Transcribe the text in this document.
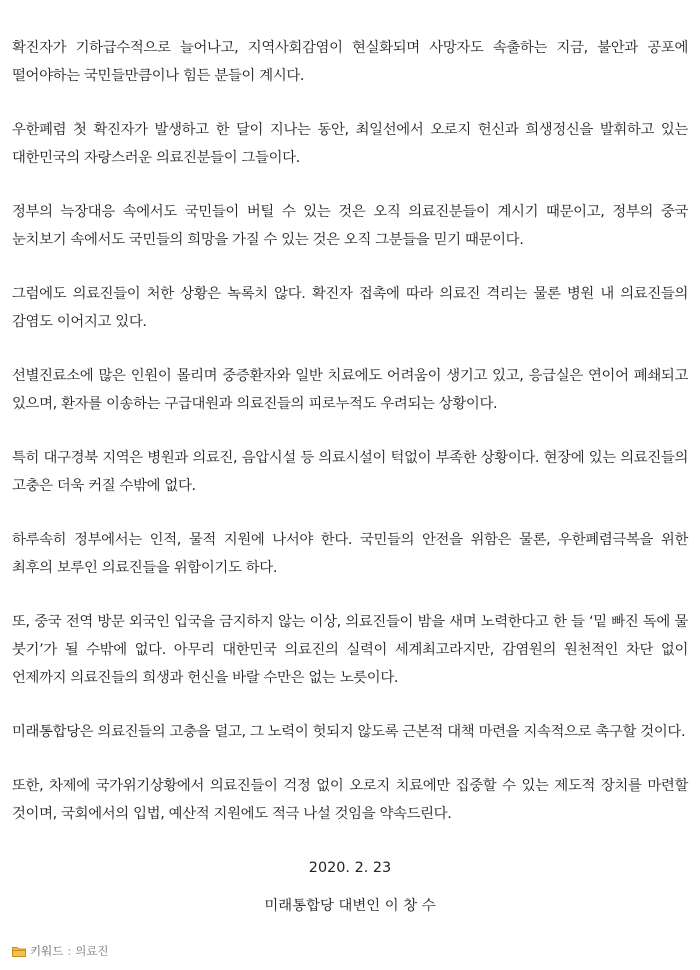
확진자가 기하급수적으로 늘어나고, 지역사회감염이 현실화되며 사망자도 속출하는 지금, 불안과 공포에 떨어야하는 국민들만큼이나 힘든 분들이 계시다.

우한폐렴 첫 확진자가 발생하고 한 달이 지나는 동안, 최일선에서 오로지 헌신과 희생정신을 발휘하고 있는 대한민국의 자랑스러운 의료진분들이 그들이다.

정부의 늑장대응 속에서도 국민들이 버틸 수 있는 것은 오직 의료진분들이 계시기 때문이고, 정부의 중국 눈치보기 속에서도 국민들의 희망을 가질 수 있는 것은 오직 그분들을 믿기 때문이다.

그럼에도 의료진들이 처한 상황은 녹록치 않다. 확진자 접촉에 따라 의료진 격리는 물론 병원 내 의료진들의 감염도 이어지고 있다.

선별진료소에 많은 인원이 몰리며 중증환자와 일반 치료에도 어려움이 생기고 있고, 응급실은 연이어 폐쇄되고 있으며, 환자를 이송하는 구급대원과 의료진들의 피로누적도 우려되는 상황이다.

특히 대구경북 지역은 병원과 의료진, 음압시설 등 의료시설이 턱없이 부족한 상황이다. 현장에 있는 의료진들의 고충은 더욱 커질 수밖에 없다.

하루속히 정부에서는 인적, 물적 지원에 나서야 한다. 국민들의 안전을 위함은 물론, 우한폐렴극복을 위한 최후의 보루인 의료진들을 위함이기도 하다.

또, 중국 전역 방문 외국인 입국을 금지하지 않는 이상, 의료진들이 밤을 새며 노력한다고 한 들 ‘밑 빠진 독에 물 붓기’가 될 수밖에 없다. 아무리 대한민국 의료진의 실력이 세계최고라지만, 감염원의 원천적인 차단 없이 언제까지 의료진들의 희생과 헌신을 바랄 수만은 없는 노릇이다.

미래통합당은 의료진들의 고충을 덜고, 그 노력이 헛되지 않도록 근본적 대책 마련을 지속적으로 촉구할 것이다.

또한, 차제에 국가위기상황에서 의료진들이 걱정 없이 오로지 치료에만 집중할 수 있는 제도적 장치를 마련할 것이며, 국회에서의 입법, 예산적 지원에도 적극 나설 것임을 약속드린다.

2020. 2. 23

미래통합당 대변인 이 창 수

키워드 : 의료진
